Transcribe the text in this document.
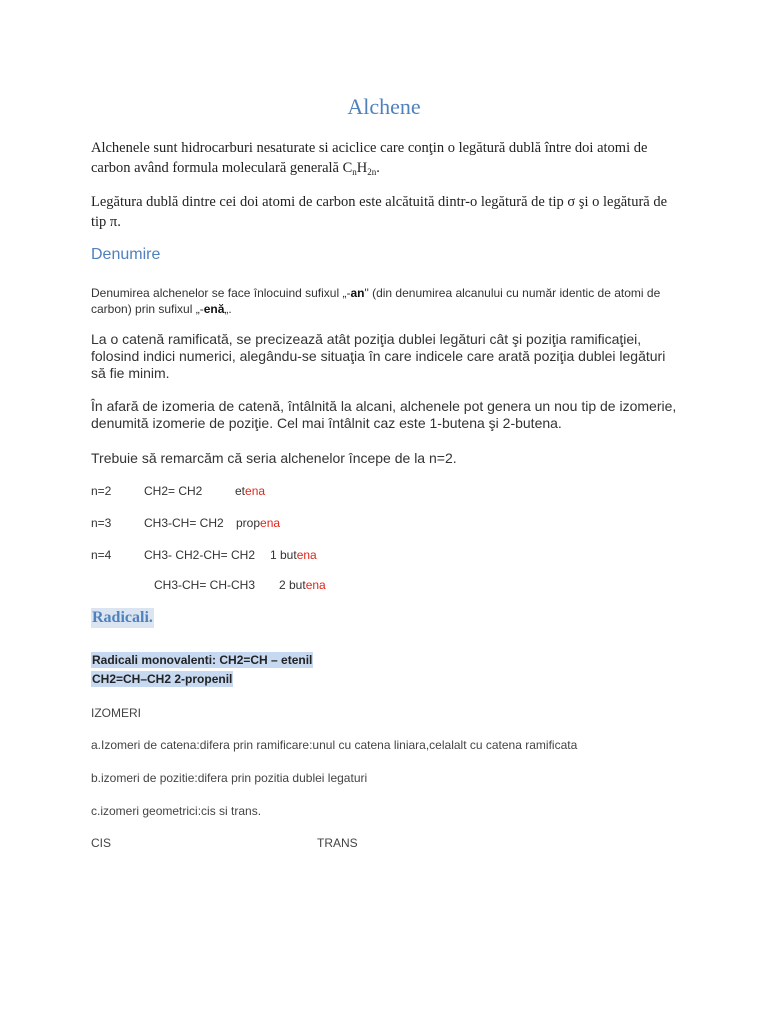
Alchene
Alchenele sunt hidrocarburi nesaturate si aciclice care conţin o legătură dublă între doi atomi de carbon având formula moleculară generală $C_nH_{2n}$.
Legătura dublă dintre cei doi atomi de carbon este alcătuită dintr-o legătură de tip σ şi o legătură de tip π.
Denumire
Denumirea alchenelor se face înlocuind sufixul „-an" (din denumirea alcanului cu număr identic de atomi de carbon) prin sufixul „-enă„.
La o catenă ramificată, se precizează atât poziţia dublei legături cât şi poziţia ramificaţiei, folosind indici numerici, alegându-se situaţia în care indicele care arată poziţia dublei legături să fie minim.
În afară de izomeria de catenă, întâlnită la alcani, alchenele pot genera un nou tip de izomerie, denumită izomerie de poziţie. Cel mai întâlnit caz este 1-butena şi 2-butena.
Trebuie să remarcăm că seria alchenelor începe de la n=2.
n=2	CH2= CH2	etena
n=3	CH3-CH= CH2 propena
n=4	CH3- CH2-CH= CH2 1 butena
CH3-CH= CH-CH3 2 butena
Radicali.
Radicali monovalenti: CH2=CH – etenil
CH2=CH–CH2 2-propenil
IZOMERI
a.Izomeri de catena:difera prin ramificare:unul cu catena liniara,celalalt cu catena ramificata
b.izomeri de pozitie:difera prin pozitia dublei legaturi
c.izomeri geometrici:cis si trans.
CIS	TRANS
